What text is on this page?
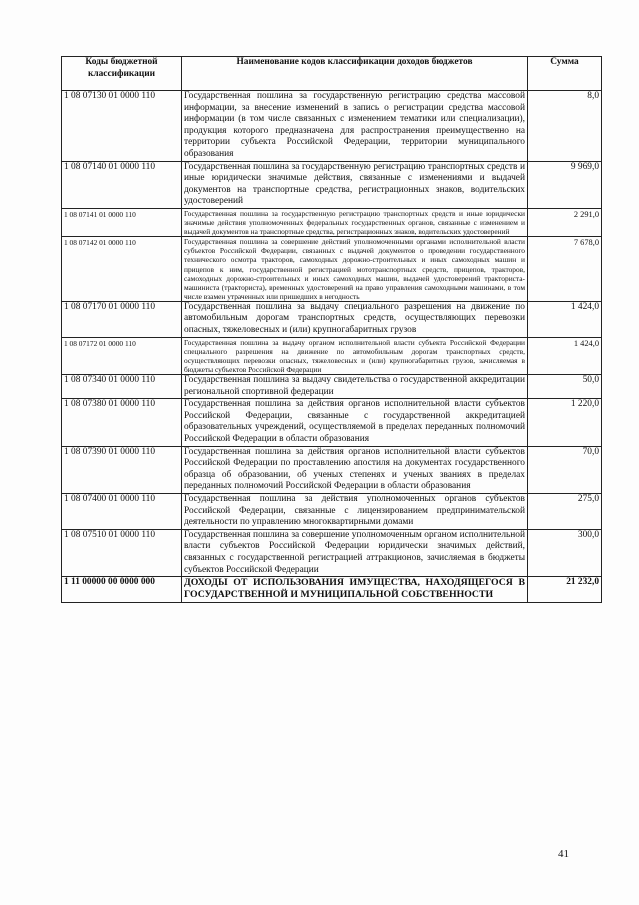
Коды бюджетной классификации	Наименование кодов классификации доходов бюджетов	Сумма
1 08 07130 01 0000 110	Государственная пошлина за государственную регистрацию средства массовой информации, за внесение изменений в запись о регистрации средства массовой информации (в том числе связанных с изменением тематики или специализации), продукция которого предназначена для распространения преимущественно на территории субъекта Российской Федерации, территории муниципального образования	8,0
1 08 07140 01 0000 110	Государственная пошлина за государственную регистрацию транспортных средств и иные юридически значимые действия, связанные с изменениями и выдачей документов на транспортные средства, регистрационных знаков, водительских удостоверений	9 969,0
1 08 07141 01 0000 110	Государственная пошлина за государственную регистрацию транспортных средств и иные юридически значимые действия уполномоченных федеральных государственных органов, связанные с изменением и выдачей документов на транспортные средства, регистрационных знаков, водительских удостоверений	2 291,0
1 08 07142 01 0000 110	Государственная пошлина за совершение действий уполномоченными органами исполнительной власти субъектов Российской Федерации, связанных с выдачей документов о проведении государственного технического осмотра тракторов, самоходных дорожно-строительных и иных самоходных машин и прицепов к ним, государственной регистрацией мототранспортных средств, прицепов, тракторов, самоходных дорожно-строительных и иных самоходных машин, выдачей удостоверений тракториста-машиниста (тракториста), временных удостоверений на право управления самоходными машинами, в том числе взамен утраченных или пришедших в негодность	7 678,0
1 08 07170 01 0000 110	Государственная пошлина за выдачу специального разрешения на движение по автомобильным дорогам транспортных средств, осуществляющих перевозки опасных, тяжеловесных и (или) крупногабаритных грузов	1 424,0
1 08 07172 01 0000 110	Государственная пошлина за выдачу органом исполнительной власти субъекта Российской Федерации специального разрешения на движение по автомобильным дорогам транспортных средств, осуществляющих перевозки опасных, тяжеловесных и (или) крупногабаритных грузов, зачисляемая в бюджеты субъектов Российской Федерации	1 424,0
1 08 07340 01 0000 110	Государственная пошлина за выдачу свидетельства о государственной аккредитации региональной спортивной федерации	50,0
1 08 07380 01 0000 110	Государственная пошлина за действия органов исполнительной власти субъектов Российской Федерации, связанные с государственной аккредитацией образовательных учреждений, осуществляемой в пределах переданных полномочий Российской Федерации в области образования	1 220,0
1 08 07390 01 0000 110	Государственная пошлина за действия органов исполнительной власти субъектов Российской Федерации по проставлению апостиля на документах государственного образца об образовании, об ученых степенях и ученых званиях в пределах переданных полномочий Российской Федерации в области образования	70,0
1 08 07400 01 0000 110	Государственная пошлина за действия уполномоченных органов субъектов Российской Федерации, связанные с лицензированием предпринимательской деятельности по управлению многоквартирными домами	275,0
1 08 07510 01 0000 110	Государственная пошлина за совершение уполномоченным органом исполнительной власти субъектов Российской Федерации юридически значимых действий, связанных с государственной регистрацией аттракционов, зачисляемая в бюджеты субъектов Российской Федерации	300,0
1 11 00000 00 0000 000	ДОХОДЫ ОТ ИСПОЛЬЗОВАНИЯ ИМУЩЕСТВА, НАХОДЯЩЕГОСЯ В ГОСУДАРСТВЕННОЙ И МУНИЦИПАЛЬНОЙ СОБСТВЕННОСТИ	21 232,0
41
